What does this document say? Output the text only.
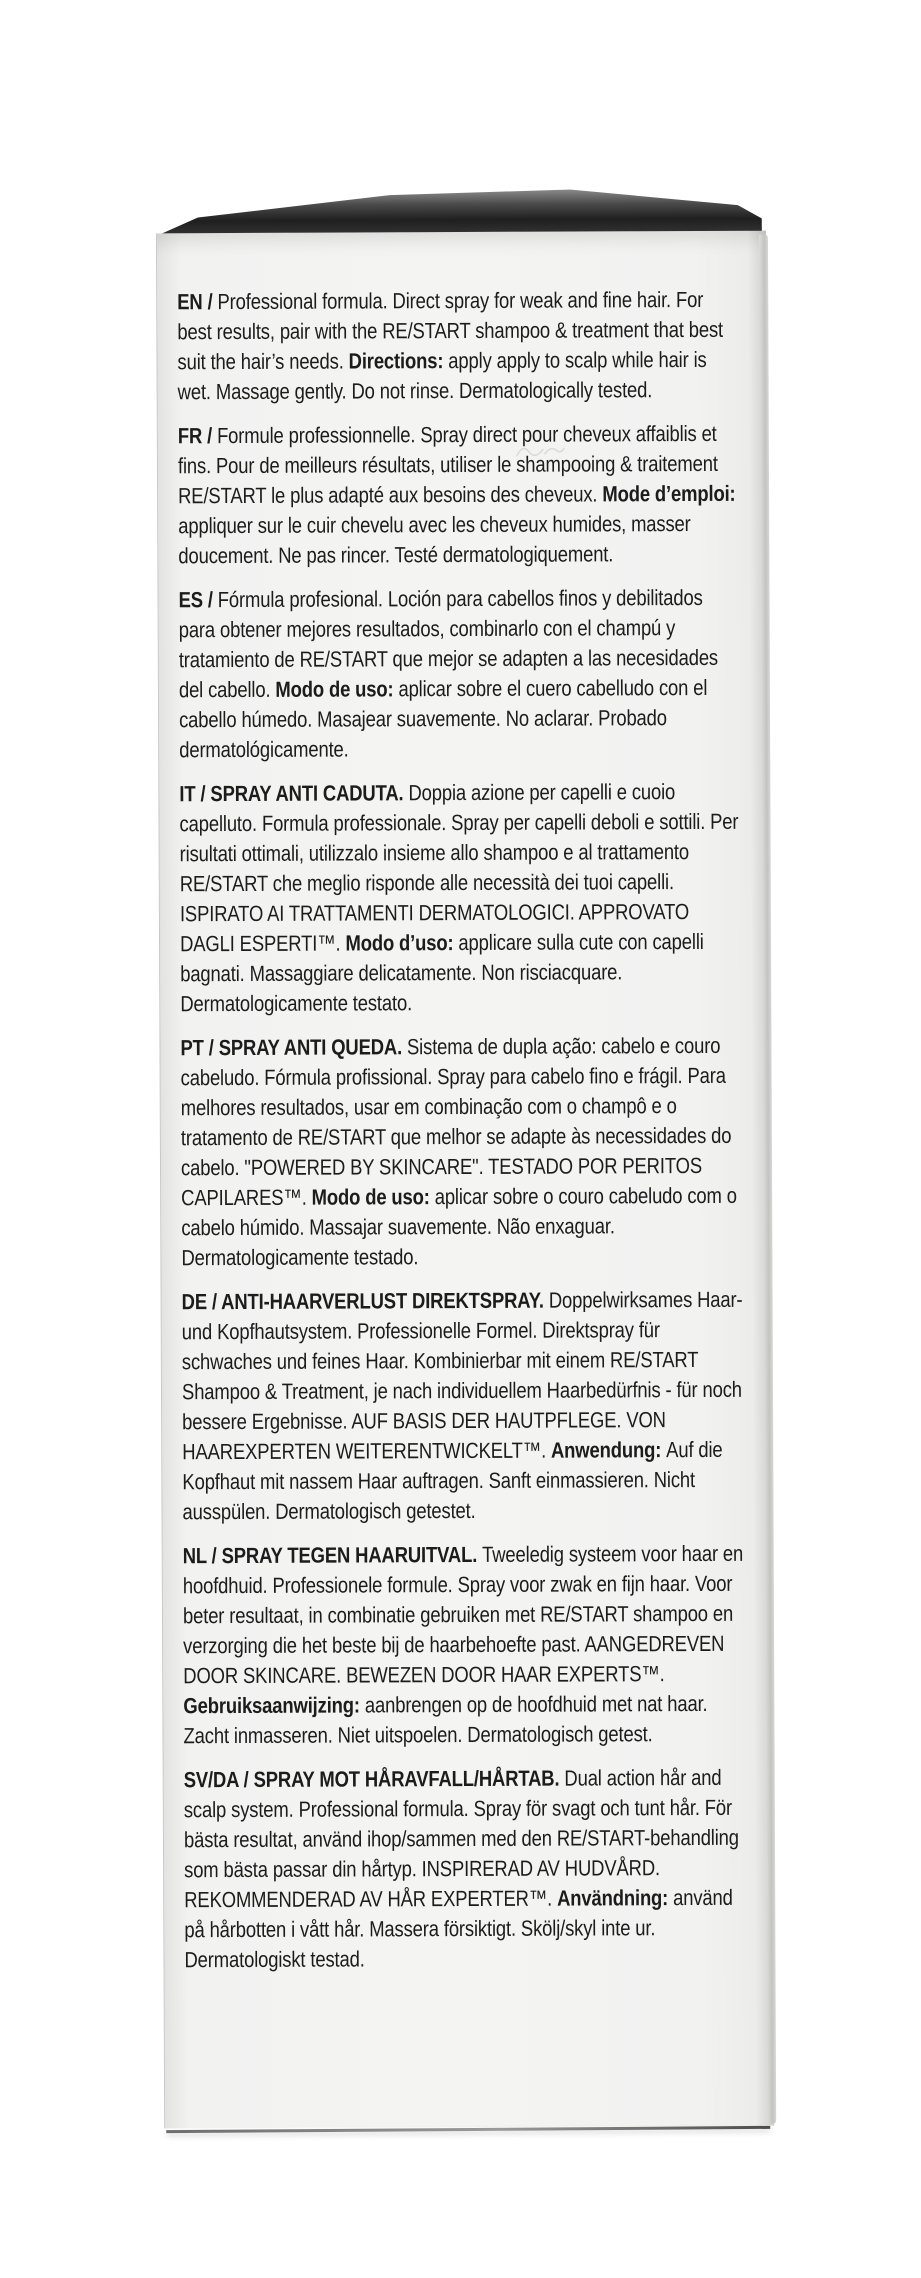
EN / Professional formula. Direct spray for weak and fine hair. For best results, pair with the RE/START shampoo & treatment that best suit the hair’s needs. Directions: apply apply to scalp while hair is wet. Massage gently. Do not rinse. Dermatologically tested.

FR / Formule professionnelle. Spray direct pour cheveux affaiblis et fins. Pour de meilleurs résultats, utiliser le shampooing & traitement RE/START le plus adapté aux besoins des cheveux. Mode d’emploi: appliquer sur le cuir chevelu avec les cheveux humides, masser doucement. Ne pas rincer. Testé dermatologiquement.

ES / Fórmula profesional. Loción para cabellos finos y debilitados para obtener mejores resultados, combinarlo con el champú y tratamiento de RE/START que mejor se adapten a las necesidades del cabello. Modo de uso: aplicar sobre el cuero cabelludo con el cabello húmedo. Masajear suavemente. No aclarar. Probado dermatológicamente.

IT / SPRAY ANTI CADUTA. Doppia azione per capelli e cuoio capelluto. Formula professionale. Spray per capelli deboli e sottili. Per risultati ottimali, utilizzalo insieme allo shampoo e al trattamento RE/START che meglio risponde alle necessità dei tuoi capelli. ISPIRATO AI TRATTAMENTI DERMATOLOGICI. APPROVATO DAGLI ESPERTI™. Modo d’uso: applicare sulla cute con capelli bagnati. Massaggiare delicatamente. Non risciacquare. Dermatologicamente testato.

PT / SPRAY ANTI QUEDA. Sistema de dupla ação: cabelo e couro cabeludo. Fórmula profissional. Spray para cabelo fino e frágil. Para melhores resultados, usar em combinação com o champô e o tratamento de RE/START que melhor se adapte às necessidades do cabelo. "POWERED BY SKINCARE". TESTADO POR PERITOS CAPILARES™. Modo de uso: aplicar sobre o couro cabeludo com o cabelo húmido. Massajar suavemente. Não enxaguar. Dermatologicamente testado.

DE / ANTI-HAARVERLUST DIREKTSPRAY. Doppelwirksames Haar- und Kopfhautsystem. Professionelle Formel. Direktspray für schwaches und feines Haar. Kombinierbar mit einem RE/START Shampoo & Treatment, je nach individuellem Haarbedürfnis - für noch bessere Ergebnisse. AUF BASIS DER HAUTPFLEGE. VON HAAREXPERTEN WEITERENTWICKELT™. Anwendung: Auf die Kopfhaut mit nassem Haar auftragen. Sanft einmassieren. Nicht ausspülen. Dermatologisch getestet.

NL / SPRAY TEGEN HAARUITVAL. Tweeledig systeem voor haar en hoofdhuid. Professionele formule. Spray voor zwak en fijn haar. Voor beter resultaat, in combinatie gebruiken met RE/START shampoo en verzorging die het beste bij de haarbehoefte past. AANGEDREVEN DOOR SKINCARE. BEWEZEN DOOR HAAR EXPERTS™. Gebruiksaanwijzing: aanbrengen op de hoofdhuid met nat haar. Zacht inmasseren. Niet uitspoelen. Dermatologisch getest.

SV/DA / SPRAY MOT HÅRAVFALL/HÅRTAB. Dual action hår and scalp system. Professional formula. Spray för svagt och tunt hår. För bästa resultat, använd ihop/sammen med den RE/START-behandling som bästa passar din hårtyp. INSPIRERAD AV HUDVÅRD. REKOMMENDERAD AV HÅR EXPERTER™. Användning: använd på hårbotten i vått hår. Massera försiktigt. Skölj/skyl inte ur. Dermatologiskt testad.
